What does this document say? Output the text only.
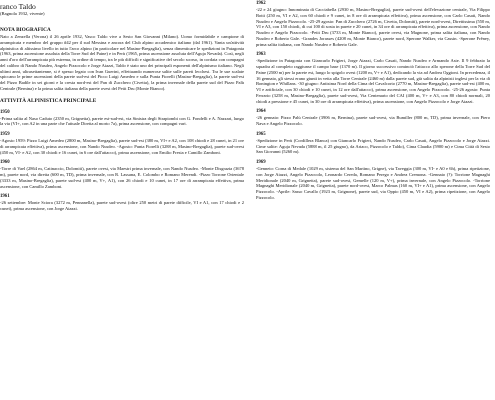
ranco Taldo
(Bagnola 1932, vivente)
NOTA BIOGRAFICA

Nato a Zenzella (Verona) il 26 aprile 1932, Vasco Taldo vive a Sesto San Giovanni (Milano). Uomo formidabile e campione di arrampicata e membro del gruppo #42 per il sud Messina e ancora del Club alpino accademico italiano (dal 1961). Vanta un'attività alpinistica di altissimo livello in tutto l'arco alpino (in particolare nel Masino-Bregaglia), senza dimenticare le spedizioni in Patagonia (1963, prima ascensione assoluta della Torre Sud del Paine) e in Perù (1965, prima ascensione assoluta dell'Aguja Nevada). Così, negli anni d'oro dell'arrampicata più estrema, in ordine di tempo, tra le più difficili e significative del secolo scorso, in cordata con compagni del calibro di Nando Nusdeo, Angelo Pizzocolo e Jorge Aiazzi, Taldo è stato uno dei principali esponenti dell'alpinismo italiano. Negli ultimi anni, ultrasettantenne, si è spesso legato con Ivan Guerini, effettuando numerose salite sulle pareti lecchesi. Tra le sue scalate spiccano le prime ascensioni della parete sud-est del Picco Luigi Amedeo e sulla Punta Fiorelli (Masino-Bregaglia), la parete sud-est del Pizzo Badile in sei giorni e la cresta nord-est del Pan di Zucchero (Civetta), la prima invernale della parete sud del Pizzo Palù Centrale (Bernina) e la prima salita italiana della parete ovest del Petit Dru (Monte Bianco).

ATTIVITÀ ALPINISTICA PRINCIPALE
1950

-Prima salita al Naso Caduto (2350 m, Grignetta), parete est-sud-est, via Sinistra degli Strapiombi con G. Fondelli e A. Nazzari, lungo la via (VI+, con A2 in una parte che l'attuale Diretta al morto 7a), prima ascensione, con compagni vari.

1959

-Agosto 1959: Pizzo Luigi Amedeo (2800 m, Masino-Bregaglia), parete sud-est (380 m, VI+ e A2, con 108 chiodi e 28 cunei, in 21 ore di arrampicata effettiva), prima ascensione, con Nando Nusdeo. -Agosto: Punta Fiorelli (3288 m, Masino-Bregaglia), parete sud-ovest (450 m, VI- e A2, con 30 chiodi e 16 cunei, in 6 ore dall'attacco), prima ascensione, con Emilio Fresia e Camillo Zamboni.

1960

-Torre di Vael (2864 m, Catinaccio, Dolomiti), parete ovest, via Maestri prima invernale, con Nando Nusdeo. -Monte Disgrazia (3678 m), parete nord, via diretta (600 m, TD), prima invernale, con R. Lassana, E. Colombo e Romano Merendi. -Pizzo Torrone Orientale (3333 m, Masino-Bregaglia), parete sud-est (400 m, V+, A1), con 26 chiodi e 10 cunei, in 17 ore di arrampicata effettiva, prima ascensione, con Camillo Zamboni.

1961

-26 settembre: Monte Sciora (3272 m, Pennanella), parete sud-ovest (oltre 250 metri di parete difficile, VI e A1, con 17 chiodi e 2 cunei), prima ascensione, con Jorge Aiazzi.

1962

-22 e 24 giugno: Innominata di Cacciabella (2930 m, Masino-Bregaglia), parete sud-ovest dell'elevazione centrale, Via Filippo Botti (250 m, VI e A2, con 60 chiodi e 9 cunei, in 8 ore di arrampicata effettiva), prima ascensione, con Carlo Casati, Nando Nusdeo e Angelo Pizzocolo. -25-29 agosto: Pan di Zucchero (2726 m, Civetta, Dolomiti), parete nord-ovest, Direttissima (550 m, VI e A3, con 150 chiodi, di cui 100 di sosta in parete e 20 cunei, in 34 ore di arrampicata effettiva), prima ascensione, con Nando Nusdeo e Angelo Pizzocolo. -Petit Dru (3733 m, Monte Bianco), parete ovest, via Magnone, prima salita italiana, con Nando Nusdeo e Roberto Gale. -Grandes Jorasses (4208 m, Monte Bianco), parete nord, Sperone Walker, via Cassin. -Sperone Frêney, prima salita italiana, con Nando Nusdeo e Roberto Gale.

1963

-Spedizione in Patagonia con Giancarlo Frigieri, Jorge Aiazzi, Carlo Casati, Nando Nusdeo e Armando Aste. Il 9 febbraio la squadra al completo raggiunse il campo base (1370 m). Il giorno successivo cominciò l'attacco allo sperone della Torre Sud del Paine (2500 m) per la parete est, lungo lo spigolo ovest (1200 m, V+ e A1), dedicando la via ad Andrea Oggioni. In precedenza, il 16 gennaio, gli stessi erano giunti in vetta alla Torre Centrale (2460 m) dalla parete sud, già salita da alpinisti inglesi per la via di Bonington e Whillans. -30 giugno: Antisima Nord della Cima del Cavalcorto (2770 m, Masino-Bregaglia), parete sud-est (400 m, VI e artificiale, con 30 chiodi e 10 cunei, in 12 ore dall'attacco), prima ascensione, con Angelo Pizzocolo. -25-26 agosto: Punta Ferrario (3258 m, Masino-Bregaglia), parete sud-ovest, Via Centenario del CAI (400 m, V+ e A3, con 80 chiodi normali, 20 chiodi a pressione e 45 cunei, in 30 ore di arrampicata effettiva), prima ascensione, con Angelo Pizzocolo e Jorge Aiazzi.

1964

-26 gennaio: Pizzo Palù Centrale (3906 m, Bernina), parete sud-ovest, via Bumiller (800 m, TD), prima invernale, con Piero Nava e Angelo Pizzocolo.

1965

-Spedizione in Perù (Cordillera Blanca) con Giancarlo Frigieri, Nando Nusdeo, Carlo Casati, Angelo Pizzocolo e Jorge Aiazzi. Cime salite: Aguja Nevada (5888 m, il 25 giugno), da Ariaco, Pizzocolo e Taldo), Cima Claudia (5900 m) e Cima Città di Sesto San Giovanni (5260 m).

1969

-Genneio: Corna di Medale (1029 m, sistema del San Martino, Grigne), via Taveggia (300 m, VI- e A0 e 6h), prima ripetizione, con Jorge Aiazzi, Angelo Pizzocolo, Leonardo Cereda, Romano Perego e Andrea Cremona. -Gennaio (?): Torrione Magnaghi Meridionale (2040 m, Grignetta), parete sud-ovest, Gemelle (120 m, V+), prima invernale, con Angelo Pizzocolo. -Torrione Magnaghi Meridionale (2040 m, Grignetta), parete nord-ovest, Marco Palmas (160 m, VI+ e A1), prima ascensione, con Angelo Pizzocolo. -Aprile: Sasso Cavallo (1923 m, Grignone), parete sud, via Oppio (450 m, VI e A2), prima ripetizione, con Angelo Pizzocolo.
